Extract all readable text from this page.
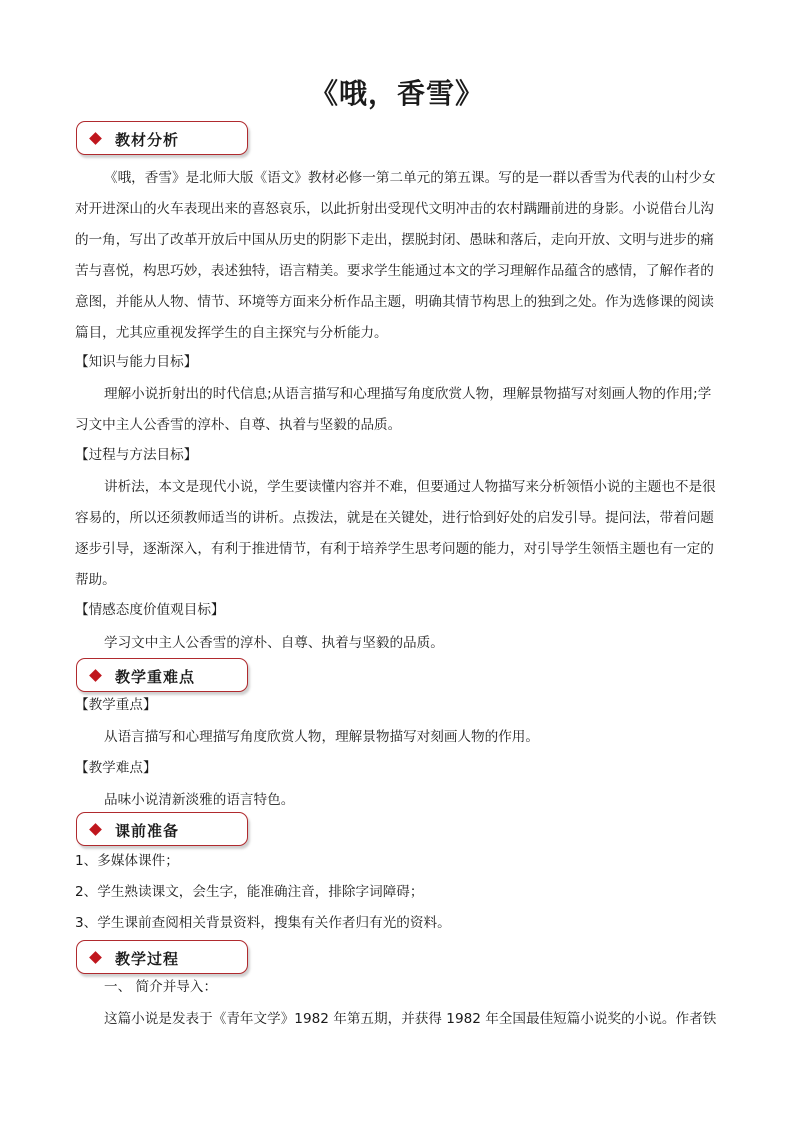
《哦，香雪》
教材分析

《哦，香雪》是北师大版《语文》教材必修一第二单元的第五课。写的是一群以香雪为代表的山村少女对开进深山的火车表现出来的喜怒哀乐，以此折射出受现代文明冲击的农村蹒跚前进的身影。小说借台儿沟的一角，写出了改革开放后中国从历史的阴影下走出，摆脱封闭、愚昧和落后，走向开放、文明与进步的痛苦与喜悦，构思巧妙，表述独特，语言精美。要求学生能通过本文的学习理解作品蕴含的感情，了解作者的意图，并能从人物、情节、环境等方面来分析作品主题，明确其情节构思上的独到之处。作为选修课的阅读篇目，尤其应重视发挥学生的自主探究与分析能力。

【知识与能力目标】

理解小说折射出的时代信息;从语言描写和心理描写角度欣赏人物，理解景物描写对刻画人物的作用;学习文中主人公香雪的淳朴、自尊、执着与坚毅的品质。

【过程与方法目标】

讲析法，本文是现代小说，学生要读懂内容并不难，但要通过人物描写来分析领悟小说的主题也不是很容易的，所以还须教师适当的讲析。点拨法，就是在关键处，进行恰到好处的启发引导。提问法，带着问题逐步引导，逐渐深入，有利于推进情节，有利于培养学生思考问题的能力，对引导学生领悟主题也有一定的帮助。

【情感态度价值观目标】
学习文中主人公香雪的淳朴、自尊、执着与坚毅的品质。
教学重难点
【教学重点】
从语言描写和心理描写角度欣赏人物，理解景物描写对刻画人物的作用。
【教学难点】
品味小说清新淡雅的语言特色。
课前准备
1、多媒体课件；
2、学生熟读课文，会生字，能准确注音，排除字词障碍；
3、学生课前查阅相关背景资料，搜集有关作者归有光的资料。
教学过程
一、 简介并导入：
这篇小说是发表于《青年文学》1982 年第五期，并获得 1982 年全国最佳短篇小说奖的小说。作者铁
